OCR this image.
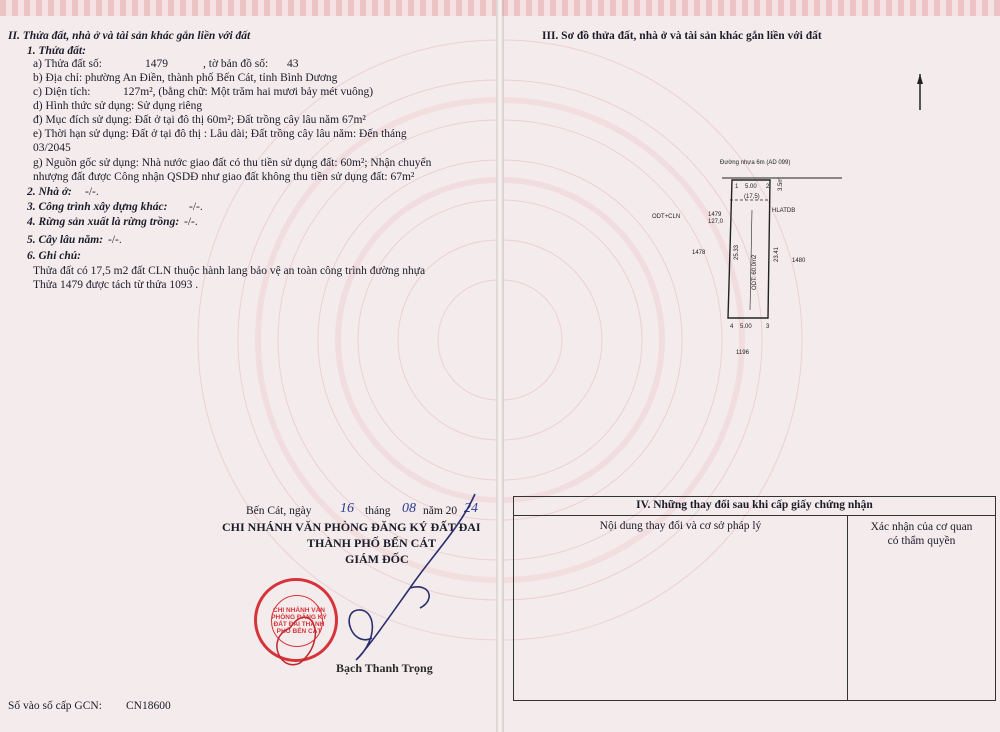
II. Thửa đất, nhà ở và tài sản khác gắn liền với đất
1. Thửa đất:
a) Thửa đất số:	1479	, tờ bản đồ số: 43
b) Địa chỉ: phường An Điền, thành phố Bến Cát, tỉnh Bình Dương
c) Diện tích:	127m², (bằng chữ: Một trăm hai mươi bảy mét vuông)
d) Hình thức sử dụng: Sử dụng riêng
đ) Mục đích sử dụng: Đất ở tại đô thị 60m²; Đất trồng cây lâu năm 67m²
e) Thời hạn sử dụng: Đất ở tại đô thị : Lâu dài; Đất trồng cây lâu năm: Đến tháng
03/2045
g) Nguồn gốc sử dụng: Nhà nước giao đất có thu tiền sử dụng đất: 60m²; Nhận chuyển
nhượng đất được Công nhận QSDĐ như giao đất không thu tiền sử dụng đất: 67m²
2. Nhà ở: -/-.
3. Công trình xây dựng khác: -/-.
4. Rừng sản xuất là rừng trồng: -/-.
5. Cây lâu năm: -/-.
6. Ghi chú:
Thửa đất có 17,5 m2 đất CLN thuộc hành lang bảo vệ an toàn công trình đường nhựa
Thửa 1479 được tách từ thửa 1093 .
Bến Cát, ngày 16 tháng 08 năm 20 24
CHI NHÁNH VĂN PHÒNG ĐĂNG KÝ ĐẤT ĐAI
THÀNH PHỐ BẾN CÁT
GIÁM ĐỐC
CHI NHÁNH VĂN PHÒNG ĐĂNG KÝ ĐẤT ĐAI THÀNH PHỐ BẾN CÁT
Bạch Thanh Trọng
Số vào số cấp GCN: CN18600
III. Sơ đồ thửa đất, nhà ở và tài sản khác gắn liền với đất
Đường nhựa 6m (AD 099)
1	2
3
4
5.00
(17,5)
3.5m
HLATDB
ODT+CLN	1479
127,0
1478
1480
25.33	23.41
ODT: 60.0m2
5.00
1196
IV. Những thay đổi sau khi cấp giấy chứng nhận
Nội dung thay đổi và cơ sở pháp lý	Xác nhận của cơ quan
có thẩm quyền
